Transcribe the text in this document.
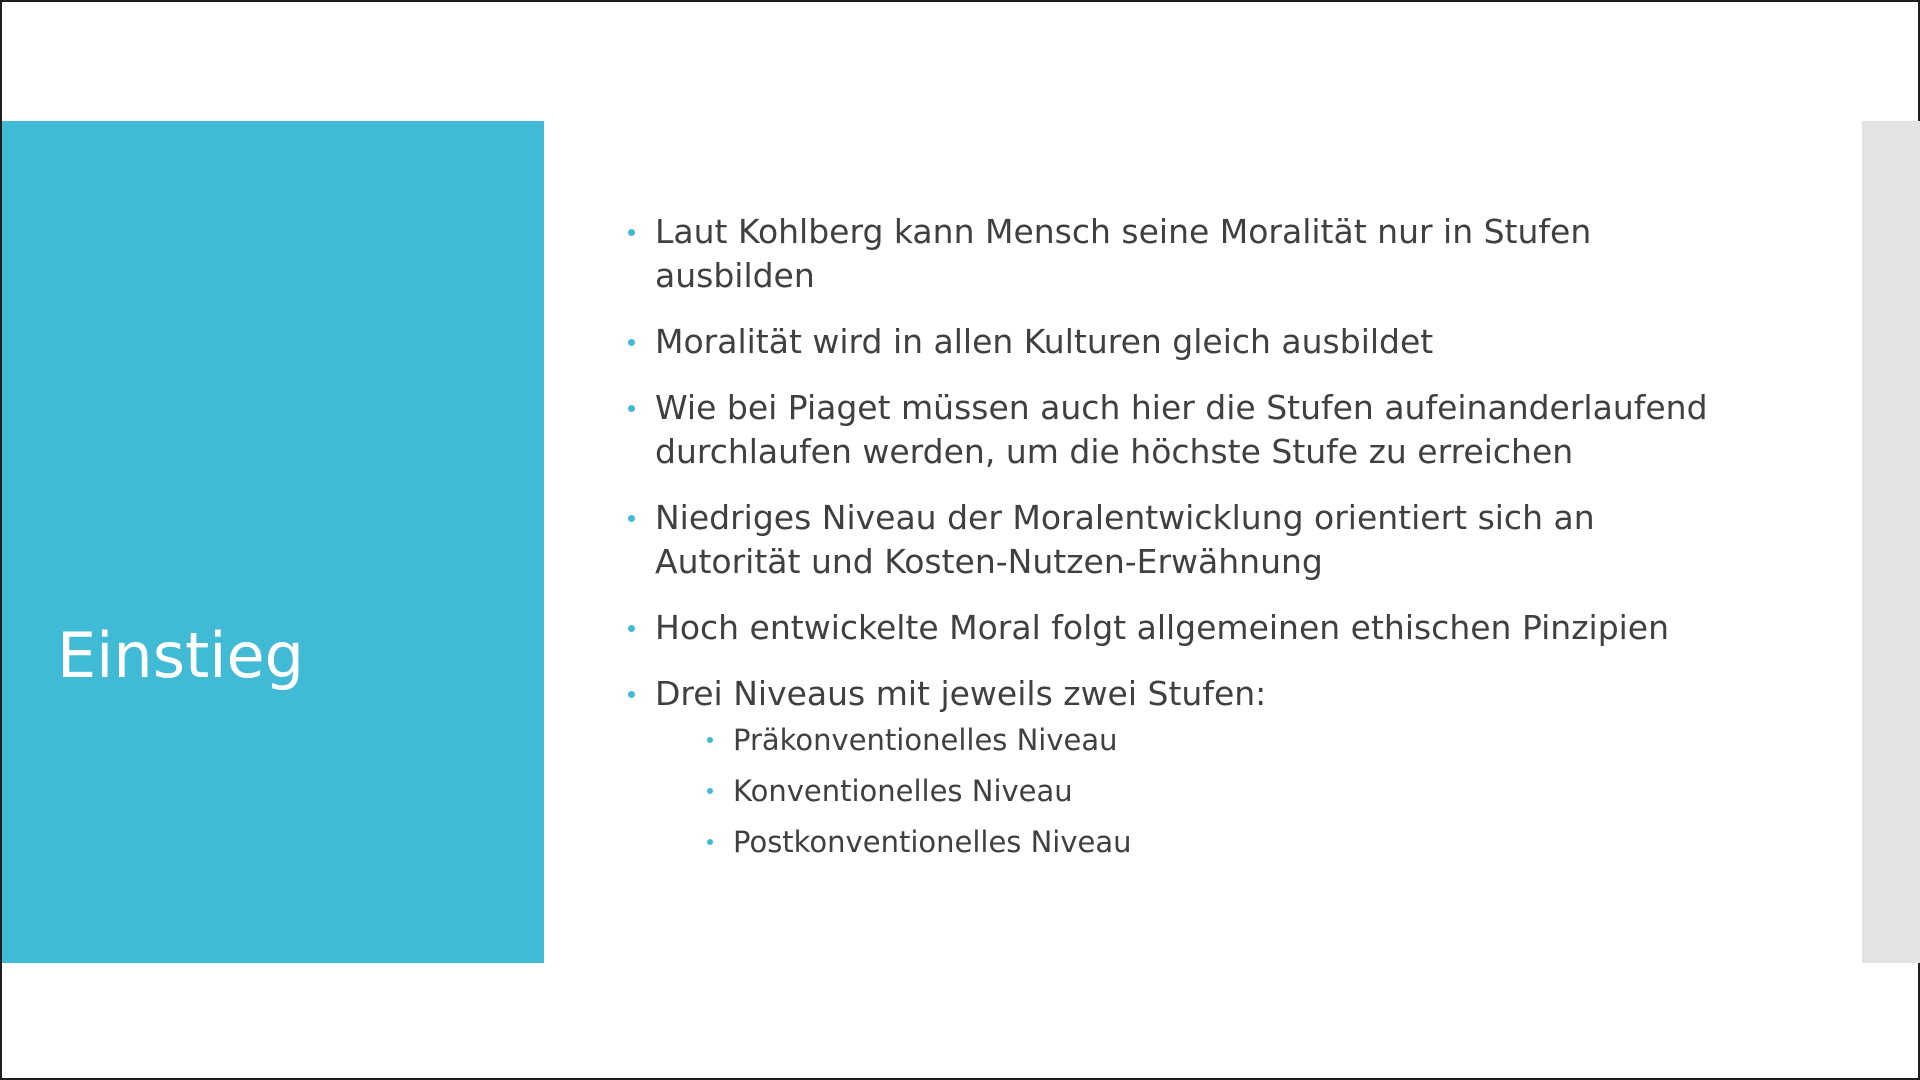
Einstieg
Laut Kohlberg kann Mensch seine Moralität nur in Stufen
ausbilden
Moralität wird in allen Kulturen gleich ausbildet
Wie bei Piaget müssen auch hier die Stufen aufeinanderlaufend
durchlaufen werden, um die höchste Stufe zu erreichen
Niedriges Niveau der Moralentwicklung orientiert sich an
Autorität und Kosten-Nutzen-Erwähnung
Hoch entwickelte Moral folgt allgemeinen ethischen Pinzipien
Drei Niveaus mit jeweils zwei Stufen:
Präkonventionelles Niveau
Konventionelles Niveau
Postkonventionelles Niveau
